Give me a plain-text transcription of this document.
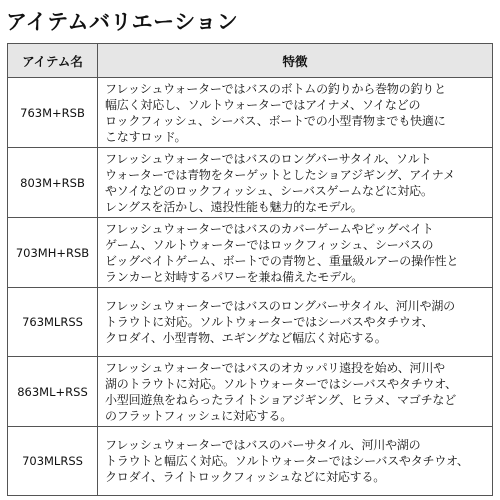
アイテムバリエーション
アイテム名	特徴
763M+RSB	フレッシュウォーターではバスのボトムの釣りから巻物の釣りと
幅広く対応し、ソルトウォーターではアイナメ、ソイなどの
ロックフィッシュ、シーバス、ボートでの小型青物までも快適に
こなすロッド。

803M+RSB	フレッシュウォーターではバスのロングバーサタイル、ソルト
ウォーターでは青物をターゲットとしたショアジギング、アイナメ
やソイなどのロックフィッシュ、シーバスゲームなどに対応。
レングスを活かし、遠投性能も魅力的なモデル。

703MH+RSB	フレッシュウォーターではバスのカバーゲームやビッグベイト
ゲーム、ソルトウォーターではロックフィッシュ、シーバスの
ビッグベイトゲーム、ボートでの青物と、重量級ルアーの操作性と
ランカーと対峙するパワーを兼ね備えたモデル。

763MLRSS	フレッシュウォーターではバスのロングバーサタイル、河川や湖の
トラウトに対応。ソルトウォーターではシーバスやタチウオ、
クロダイ、小型青物、エギングなど幅広く対応する。

863ML+RSS	フレッシュウォーターではバスのオカッパリ遠投を始め、河川や
湖のトラウトに対応。ソルトウォーターではシーバスやタチウオ、
小型回遊魚をねらったライトショアジギング、ヒラメ、マゴチなど
のフラットフィッシュに対応する。

703MLRSS	フレッシュウォーターではバスのバーサタイル、河川や湖の
トラウトと幅広く対応。ソルトウォーターではシーバスやタチウオ、
クロダイ、ライトロックフィッシュなどに対応する。
